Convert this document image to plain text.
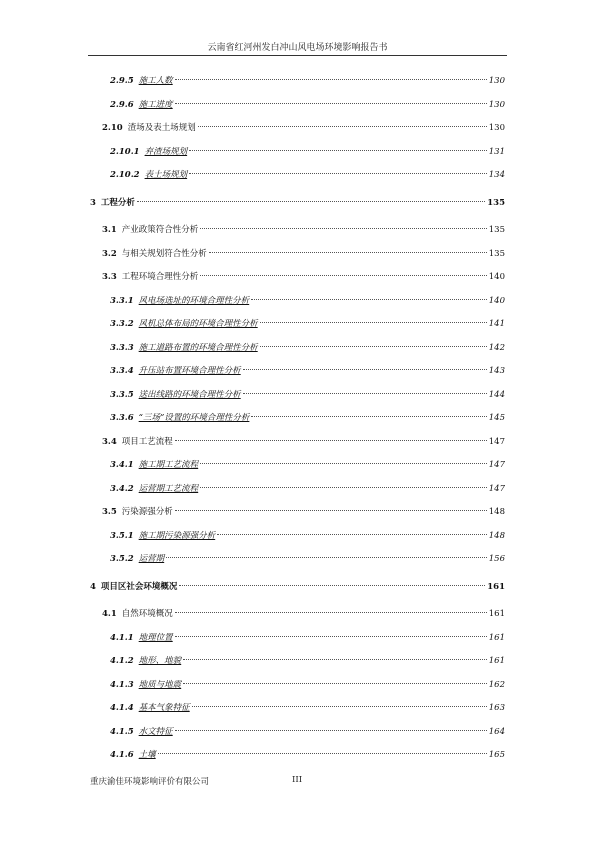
云南省红河州发白冲山风电场环境影响报告书
2.9.5 施工人数	130
2.9.6 施工进度	130
2.10 渣场及表土场规划	130
2.10.1 弃渣场规划	131
2.10.2 表土场规划	134
3 工程分析	135
3.1 产业政策符合性分析	135
3.2 与相关规划符合性分析	135
3.3 工程环境合理性分析	140
3.3.1 风电场选址的环境合理性分析	140
3.3.2 风机总体布局的环境合理性分析	141
3.3.3 施工道路布置的环境合理性分析	142
3.3.4 升压站布置环境合理性分析	143
3.3.5 送出线路的环境合理性分析	144
3.3.6 “三场”设置的环境合理性分析	145
3.4 项目工艺流程	147
3.4.1 施工期工艺流程	147
3.4.2 运营期工艺流程	147
3.5 污染源强分析	148
3.5.1 施工期污染源强分析	148
3.5.2 运营期	156
4 项目区社会环境概况	161
4.1 自然环境概况	161
4.1.1 地理位置	161
4.1.2 地形、地貌	161
4.1.3 地质与地震	162
4.1.4 基本气象特征	163
4.1.5 水文特征	164
4.1.6 土壤	165
重庆渝佳环境影响评价有限公司	III
